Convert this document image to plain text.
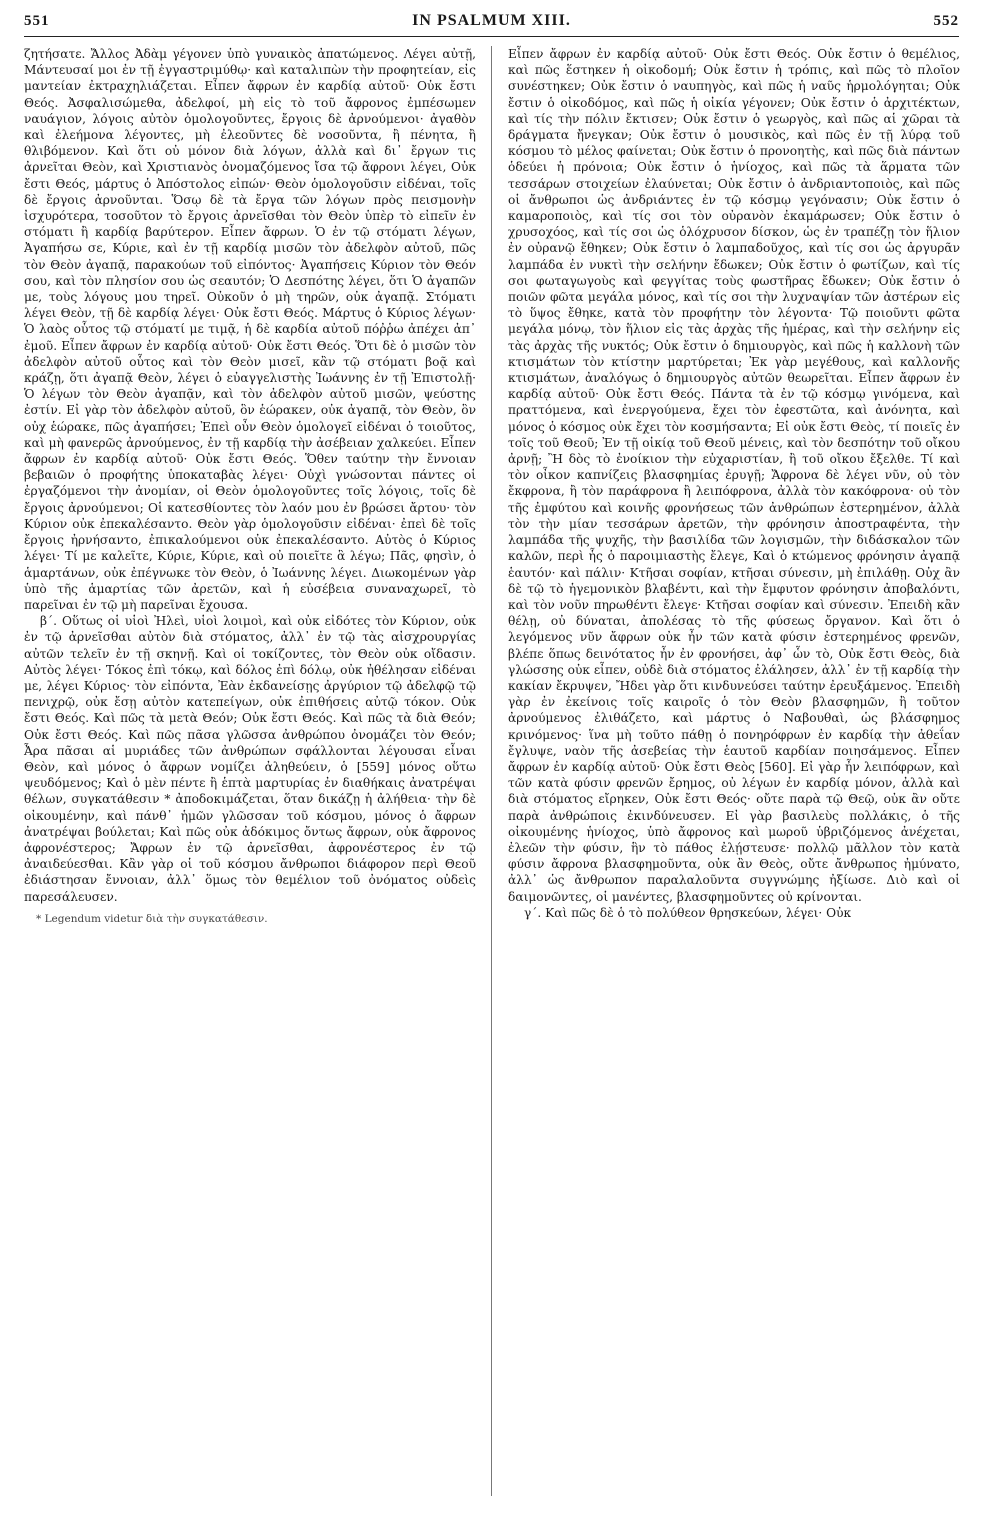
551	IN PSALMUM XIII.	552

ζητήσατε. Ἄλλος Ἀδὰμ γέγονεν ὑπὸ γυναικὸς ἀπατώμενος. Λέγει αὐτῇ, Μάντευσαί μοι ἐν τῇ ἐγγαστριμύθῳ· καὶ καταλιπὼν τὴν προφητείαν, εἰς μαντείαν ἐκτραχηλιάζεται. Εἶπεν ἄφρων ἐν καρδίᾳ αὐτοῦ· Οὐκ ἔστι Θεός. Ἀσφαλισώμεθα, ἀδελφοί, μὴ εἰς τὸ τοῦ ἄφρονος ἐμπέσωμεν ναυάγιον, λόγοις αὐτὸν ὁμολογοῦντες, ἔργοις δὲ ἀρνούμενοι· ἀγαθὸν καὶ ἐλεήμονα λέγοντες, μὴ ἐλεοῦντες δὲ νοσοῦντα, ἢ πένητα, ἢ θλιβόμενον. Καὶ ὅτι οὐ μόνον διὰ λόγων, ἀλλὰ καὶ δι᾽ ἔργων τις ἀρνεῖται Θεὸν, καὶ Χριστιανὸς ὀνομαζόμενος ἴσα τῷ ἄφρονι λέγει, Οὐκ ἔστι Θεός, μάρτυς ὁ Ἀπόστολος εἰπών· Θεὸν ὁμολογοῦσιν εἰδέναι, τοῖς δὲ ἔργοις ἀρνοῦνται. Ὅσῳ δὲ τὰ ἔργα τῶν λόγων πρὸς πεισμονὴν ἰσχυρότερα, τοσοῦτον τὸ ἔργοις ἀρνεῖσθαι τὸν Θεὸν ὑπὲρ τὸ εἰπεῖν ἐν στόματι ἢ καρδίᾳ βαρύτερον. Εἶπεν ἄφρων. Ὁ ἐν τῷ στόματι λέγων, Ἀγαπήσω σε, Κύριε, καὶ ἐν τῇ καρδίᾳ μισῶν τὸν ἀδελφὸν αὐτοῦ, πῶς τὸν Θεὸν ἀγαπᾷ, παρακούων τοῦ εἰπόντος· Ἀγαπήσεις Κύριον τὸν Θεόν σου, καὶ τὸν πλησίον σου ὡς σεαυτόν; Ὁ Δεσπότης λέγει, ὅτι Ὁ ἀγαπῶν με, τοὺς λόγους μου τηρεῖ. Οὐκοῦν ὁ μὴ τηρῶν, οὐκ ἀγαπᾷ. Στόματι λέγει Θεὸν, τῇ δὲ καρδίᾳ λέγει· Οὐκ ἔστι Θεός. Μάρτυς ὁ Κύριος λέγων· Ὁ λαὸς οὗτος τῷ στόματί με τιμᾷ, ἡ δὲ καρδία αὐτοῦ πόῤῥω ἀπέχει ἀπ᾽ ἐμοῦ. Εἶπεν ἄφρων ἐν καρδίᾳ αὐτοῦ· Οὐκ ἔστι Θεός. Ὅτι δὲ ὁ μισῶν τὸν ἀδελφὸν αὐτοῦ οὗτος καὶ τὸν Θεὸν μισεῖ, κἂν τῷ στόματι βοᾷ καὶ κράζῃ, ὅτι ἀγαπᾷ Θεὸν, λέγει ὁ εὐαγγελιστὴς Ἰωάννης ἐν τῇ Ἐπιστολῇ· Ὁ λέγων τὸν Θεὸν ἀγαπᾷν, καὶ τὸν ἀδελφὸν αὐτοῦ μισῶν, ψεύστης ἐστίν. Εἰ γὰρ τὸν ἀδελφὸν αὐτοῦ, ὃν ἑώρακεν, οὐκ ἀγαπᾷ, τὸν Θεὸν, ὃν οὐχ ἑώρακε, πῶς ἀγαπήσει; Ἐπεὶ οὖν Θεὸν ὁμολογεῖ εἰδέναι ὁ τοιοῦτος, καὶ μὴ φανερῶς ἀρνούμενος, ἐν τῇ καρδίᾳ τὴν ἀσέβειαν χαλκεύει. Εἶπεν ἄφρων ἐν καρδίᾳ αὐτοῦ· Οὐκ ἔστι Θεός. Ὅθεν ταύτην τὴν ἔννοιαν βεβαιῶν ὁ προφήτης ὑποκαταβὰς λέγει· Οὐχὶ γνώσονται πάντες οἱ ἐργαζόμενοι τὴν ἀνομίαν, οἱ Θεὸν ὁμολογοῦντες τοῖς λόγοις, τοῖς δὲ ἔργοις ἀρνούμενοι; Οἱ κατεσθίοντες τὸν λαόν μου ἐν βρώσει ἄρτου· τὸν Κύριον οὐκ ἐπεκαλέσαντο. Θεὸν γὰρ ὁμολογοῦσιν εἰδέναι· ἐπεὶ δὲ τοῖς ἔργοις ἠρνήσαντο, ἐπικαλούμενοι οὐκ ἐπεκαλέσαντο. Αὐτὸς ὁ Κύριος λέγει· Τί με καλεῖτε, Κύριε, Κύριε, καὶ οὐ ποιεῖτε ἃ λέγω; Πᾶς, φησὶν, ὁ ἁμαρτάνων, οὐκ ἐπέγνωκε τὸν Θεὸν, ὁ Ἰωάννης λέγει. Διωκομένων γὰρ ὑπὸ τῆς ἁμαρτίας τῶν ἀρετῶν, καὶ ἡ εὐσέβεια συναναχωρεῖ, τὸ παρεῖναι ἐν τῷ μὴ παρεῖναι ἔχουσα.

β΄. Οὕτως οἱ υἱοὶ Ἠλεὶ, υἱοὶ λοιμοὶ, καὶ οὐκ εἰδότες τὸν Κύριον, οὐκ ἐν τῷ ἀρνεῖσθαι αὐτὸν διὰ στόματος, ἀλλ᾽ ἐν τῷ τὰς αἰσχρουργίας αὐτῶν τελεῖν ἐν τῇ σκηνῇ. Καὶ οἱ τοκίζοντες, τὸν Θεὸν οὐκ οἴδασιν. Αὐτὸς λέγει· Τόκος ἐπὶ τόκῳ, καὶ δόλος ἐπὶ δόλῳ, οὐκ ἠθέλησαν εἰδέναι με, λέγει Κύριος· τὸν εἰπόντα, Ἐὰν ἐκδανείσῃς ἀργύριον τῷ ἀδελφῷ τῷ πενιχρῷ, οὐκ ἔσῃ αὐτὸν κατεπείγων, οὐκ ἐπιθήσεις αὐτῷ τόκον. Οὐκ ἔστι Θεός. Καὶ πῶς τὰ μετὰ Θεόν; Οὐκ ἔστι Θεός. Καὶ πῶς τὰ διὰ Θεόν; Οὐκ ἔστι Θεός. Καὶ πῶς πᾶσα γλῶσσα ἀνθρώπου ὀνομάζει τὸν Θεόν; Ἆρα πᾶσαι αἱ μυριάδες τῶν ἀνθρώπων σφάλλονται λέγουσαι εἶναι Θεὸν, καὶ μόνος ὁ ἄφρων νομίζει ἀληθεύειν, ὁ [559] μόνος οὕτω ψευδόμενος; Καὶ ὁ μὲν πέντε ἢ ἑπτὰ μαρτυρίας ἐν διαθήκαις ἀνατρέψαι θέλων, συγκατάθεσιν * ἀποδοκιμάζεται, ὅταν δικάζῃ ἡ ἀλήθεια· τὴν δὲ οἰκουμένην, καὶ πάνθ᾽ ἡμῶν γλῶσσαν τοῦ κόσμου, μόνος ὁ ἄφρων ἀνατρέψαι βούλεται; Καὶ πῶς οὐκ ἀδόκιμος ὄντως ἄφρων, οὐκ ἄφρονος ἀφρονέστερος; Ἄφρων ἐν τῷ ἀρνεῖσθαι, ἀφρονέστερος ἐν τῷ ἀναιδεύεσθαι. Κἂν γὰρ οἱ τοῦ κόσμου ἄνθρωποι διάφορον περὶ Θεοῦ ἐδιάστησαν ἔννοιαν, ἀλλ᾽ ὅμως τὸν θεμέλιον τοῦ ὀνόματος οὐδεὶς παρεσάλευσεν.

* Legendum videtur διὰ τὴν συγκατάθεσιν.

Εἶπεν ἄφρων ἐν καρδίᾳ αὐτοῦ· Οὐκ ἔστι Θεός. Οὐκ ἔστιν ὁ θεμέλιος, καὶ πῶς ἕστηκεν ἡ οἰκοδομή; Οὐκ ἔστιν ἡ τρόπις, καὶ πῶς τὸ πλοῖον συνέστηκεν; Οὐκ ἔστιν ὁ ναυπηγὸς, καὶ πῶς ἡ ναῦς ἡρμολόγηται; Οὐκ ἔστιν ὁ οἰκοδόμος, καὶ πῶς ἡ οἰκία γέγονεν; Οὐκ ἔστιν ὁ ἀρχιτέκτων, καὶ τίς τὴν πόλιν ἔκτισεν; Οὐκ ἔστιν ὁ γεωργὸς, καὶ πῶς αἱ χῶραι τὰ δράγματα ἤνεγκαν; Οὐκ ἔστιν ὁ μουσικὸς, καὶ πῶς ἐν τῇ λύρᾳ τοῦ κόσμου τὸ μέλος φαίνεται; Οὐκ ἔστιν ὁ προνοητὴς, καὶ πῶς διὰ πάντων ὁδεύει ἡ πρόνοια; Οὐκ ἔστιν ὁ ἡνίοχος, καὶ πῶς τὰ ἅρματα τῶν τεσσάρων στοιχείων ἐλαύνεται; Οὐκ ἔστιν ὁ ἀνδριαντοποιὸς, καὶ πῶς οἱ ἄνθρωποι ὡς ἀνδριάντες ἐν τῷ κόσμῳ γεγόνασιν; Οὐκ ἔστιν ὁ καμαροποιὸς, καὶ τίς σοι τὸν οὐρανὸν ἐκαμάρωσεν; Οὐκ ἔστιν ὁ χρυσοχόος, καὶ τίς σοι ὡς ὁλόχρυσον δίσκον, ὡς ἐν τραπέζῃ τὸν ἥλιον ἐν οὐρανῷ ἔθηκεν; Οὐκ ἔστιν ὁ λαμπαδοῦχος, καὶ τίς σοι ὡς ἀργυρᾶν λαμπάδα ἐν νυκτὶ τὴν σελήνην ἔδωκεν; Οὐκ ἔστιν ὁ φωτίζων, καὶ τίς σοι φωταγωγοὺς καὶ φεγγίτας τοὺς φωστῆρας ἔδωκεν; Οὐκ ἔστιν ὁ ποιῶν φῶτα μεγάλα μόνος, καὶ τίς σοι τὴν λυχναψίαν τῶν ἀστέρων εἰς τὸ ὕψος ἔθηκε, κατὰ τὸν προφήτην τὸν λέγοντα· Τῷ ποιοῦντι φῶτα μεγάλα μόνῳ, τὸν ἥλιον εἰς τὰς ἀρχὰς τῆς ἡμέρας, καὶ τὴν σελήνην εἰς τὰς ἀρχὰς τῆς νυκτός; Οὐκ ἔστιν ὁ δημιουργὸς, καὶ πῶς ἡ καλλονὴ τῶν κτισμάτων τὸν κτίστην μαρτύρεται; Ἐκ γὰρ μεγέθους, καὶ καλλονῆς κτισμάτων, ἀναλόγως ὁ δημιουργὸς αὐτῶν θεωρεῖται. Εἶπεν ἄφρων ἐν καρδίᾳ αὐτοῦ· Οὐκ ἔστι Θεός. Πάντα τὰ ἐν τῷ κόσμῳ γινόμενα, καὶ πραττόμενα, καὶ ἐνεργούμενα, ἔχει τὸν ἐφεστῶτα, καὶ ἀνόνητα, καὶ μόνος ὁ κόσμος οὐκ ἔχει τὸν κοσμήσαντα; Εἰ οὐκ ἔστι Θεὸς, τί ποιεῖς ἐν τοῖς τοῦ Θεοῦ; Ἐν τῇ οἰκίᾳ τοῦ Θεοῦ μένεις, καὶ τὸν δεσπότην τοῦ οἴκου ἀρνῇ; Ἢ δὸς τὸ ἐνοίκιον τὴν εὐχαριστίαν, ἢ τοῦ οἴκου ἔξελθε. Τί καὶ τὸν οἶκον καπνίζεις βλασφημίας ἐρυγῇ; Ἄφρονα δὲ λέγει νῦν, οὐ τὸν ἔκφρονα, ἢ τὸν παράφρονα ἢ λειπόφρονα, ἀλλὰ τὸν κακόφρονα· οὐ τὸν τῆς ἐμφύτου καὶ κοινῆς φρονήσεως τῶν ἀνθρώπων ἐστερημένον, ἀλλὰ τὸν τὴν μίαν τεσσάρων ἀρετῶν, τὴν φρόνησιν ἀποστραφέντα, τὴν λαμπάδα τῆς ψυχῆς, τὴν βασιλίδα τῶν λογισμῶν, τὴν διδάσκαλον τῶν καλῶν, περὶ ἧς ὁ παροιμιαστὴς ἔλεγε, Καὶ ὁ κτώμενος φρόνησιν ἀγαπᾷ ἑαυτόν· καὶ πάλιν· Κτῆσαι σοφίαν, κτῆσαι σύνεσιν, μὴ ἐπιλάθῃ. Οὐχ ἂν δὲ τῷ τὸ ἡγεμονικὸν βλαβέντι, καὶ τὴν ἔμφυτον φρόνησιν ἀποβαλόντι, καὶ τὸν νοῦν πηρωθέντι ἔλεγε· Κτῆσαι σοφίαν καὶ σύνεσιν. Ἐπειδὴ κἂν θέλῃ, οὐ δύναται, ἀπολέσας τὸ τῆς φύσεως ὄργανον. Καὶ ὅτι ὁ λεγόμενος νῦν ἄφρων οὐκ ἦν τῶν κατὰ φύσιν ἐστερημένος φρενῶν, βλέπε ὅπως δεινότατος ἦν ἐν φρονήσει, ἀφ᾽ ὧν τὸ, Οὐκ ἔστι Θεὸς, διὰ γλώσσης οὐκ εἶπεν, οὐδὲ διὰ στόματος ἐλάλησεν, ἀλλ᾽ ἐν τῇ καρδίᾳ τὴν κακίαν ἔκρυψεν, Ἤδει γὰρ ὅτι κινδυνεύσει ταύτην ἐρευξάμενος. Ἐπειδὴ γὰρ ἐν ἐκείνοις τοῖς καιροῖς ὁ τὸν Θεὸν βλασφημῶν, ἢ τοῦτον ἀρνούμενος ἐλιθάζετο, καὶ μάρτυς ὁ Ναβουθαὶ, ὡς βλάσφημος κρινόμενος· ἵνα μὴ τοῦτο πάθῃ ὁ πονηρόφρων ἐν καρδίᾳ τὴν ἀθεΐαν ἔγλυψε, ναὸν τῆς ἀσεβείας τὴν ἑαυτοῦ καρδίαν ποιησάμενος. Εἶπεν ἄφρων ἐν καρδίᾳ αὐτοῦ· Οὐκ ἔστι Θεὸς [560]. Εἰ γὰρ ἦν λειπόφρων, καὶ τῶν κατὰ φύσιν φρενῶν ἔρημος, οὐ λέγων ἐν καρδίᾳ μόνον, ἀλλὰ καὶ διὰ στόματος εἴρηκεν, Οὐκ ἔστι Θεός· οὔτε παρὰ τῷ Θεῷ, οὐκ ἂν οὔτε παρὰ ἀνθρώποις ἐκινδύνευσεν. Εἰ γὰρ βασιλεὺς πολλάκις, ὁ τῆς οἰκουμένης ἡνίοχος, ὑπὸ ἄφρονος καὶ μωροῦ ὑβριζόμενος ἀνέχεται, ἐλεῶν τὴν φύσιν, ἣν τὸ πάθος ἐλῄστευσε· πολλῷ μᾶλλον τὸν κατὰ φύσιν ἄφρονα βλασφημοῦντα, οὐκ ἂν Θεὸς, οὔτε ἄνθρωπος ἠμύνατο, ἀλλ᾽ ὡς ἄνθρωπον παραλαλοῦντα συγγνώμης ἠξίωσε. Διὸ καὶ οἱ δαιμονῶντες, οἱ μανέντες, βλασφημοῦντες οὐ κρίνονται.

γ΄. Καὶ πῶς δὲ ὁ τὸ πολύθεον θρησκεύων, λέγει· Οὐκ
